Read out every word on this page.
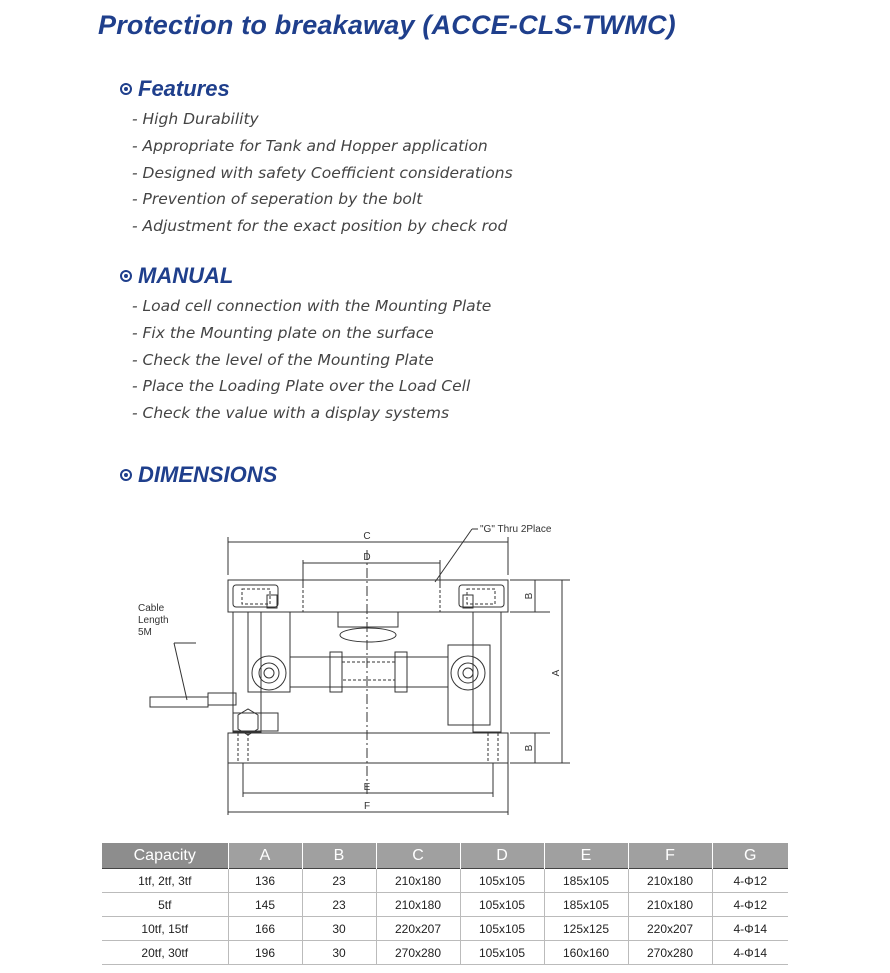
Protection to breakaway (ACCE-CLS-TWMC)
Features
- High Durability
- Appropriate for Tank and Hopper application
- Designed with safety Coefficient considerations
- Prevention of seperation by the bolt
- Adjustment for the exact position by check rod
MANUAL
- Load cell connection with the Mounting Plate
- Fix the Mounting plate on the surface
- Check the level of the Mounting Plate
- Place the Loading Plate over the Load Cell
- Check the value with a display systems
DIMENSIONS
C
D
"G" Thru 2Place
B
A
Cable
Length
5M
B
E
F
Capacity	A	B	C	D	E	F	G
1tf, 2tf, 3tf	136	23	210x180	105x105	185x105	210x180	4-Φ12
5tf	145	23	210x180	105x105	185x105	210x180	4-Φ12
10tf, 15tf	166	30	220x207	105x105	125x125	220x207	4-Φ14
20tf, 30tf	196	30	270x280	105x105	160x160	270x280	4-Φ14
